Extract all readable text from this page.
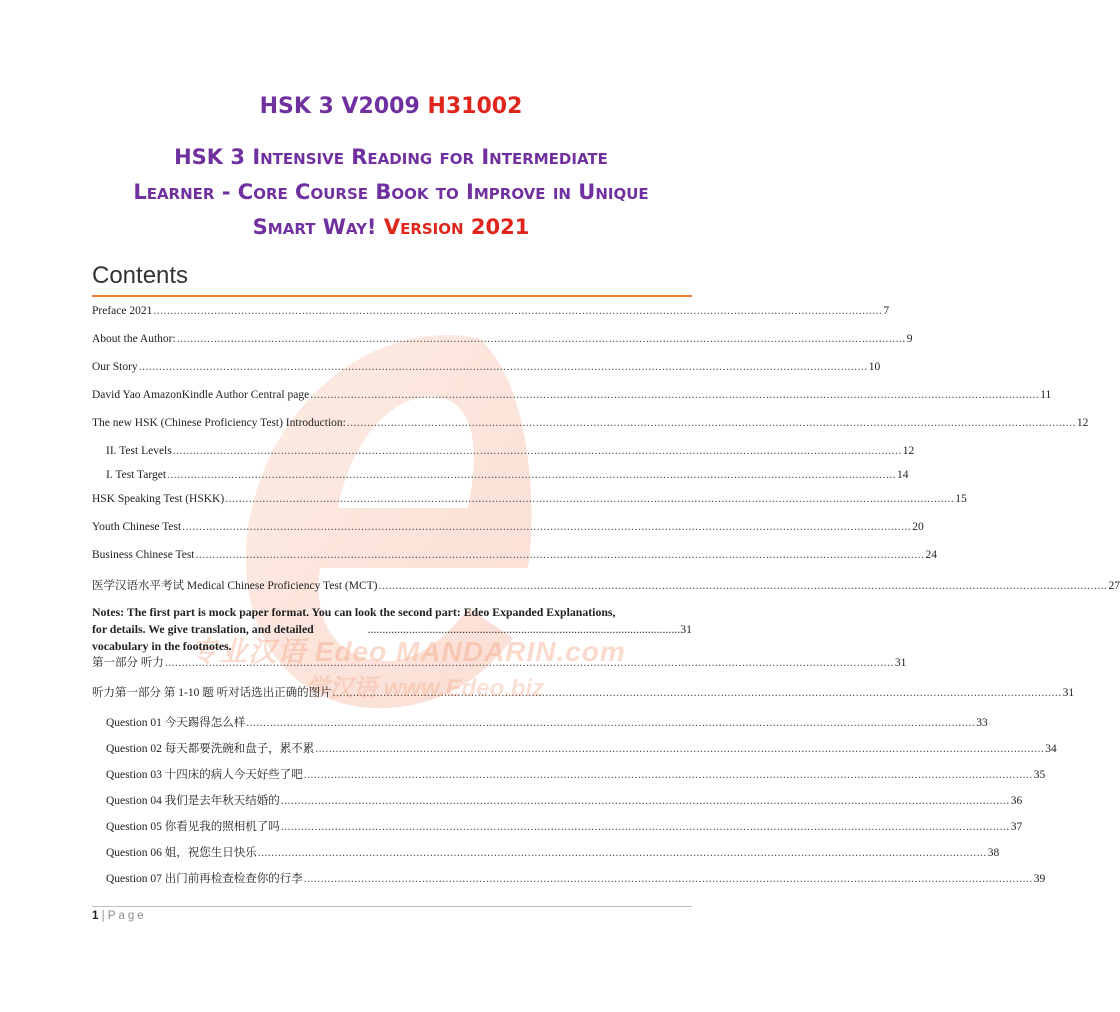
专业汉语 Edeo MANDARIN.com
学汉语 www.Edeo.biz
HSK 3 V2009 H31002
HSK 3 Intensive Reading for Intermediate
Learner - Core Course Book to Improve in Unique
Smart Way! Version 2021
Contents
Preface 2021 .....	7
About the Author: .....	9
Our Story .....	10
David Yao AmazonKindle Author Central page .....	11
The new HSK (Chinese Proficiency Test) Introduction: .....	12
II. Test Levels .....	12
I. Test Target .....	14
HSK Speaking Test (HSKK) .....	15
Youth Chinese Test .....	20
Business Chinese Test .....	24
医学汉语水平考试 Medical Chinese Proficiency Test (MCT) .....	27
Notes: The first part is mock paper format. You can look the second part: Edeo Expanded Explanations,
for details. We give translation, and detailed vocabulary in the footnotes.
.......................................................................................................... 31
第一部分 听力 .....	31
听力第一部分 第 1-10 题 听对话选出正确的图片 .....	31
Question 01 今天踢得怎么样 .....	33
Question 02 每天都要洗碗和盘子，累不累 .....	34
Question 03 十四床的病人今天好些了吧 .....	35
Question 04 我们是去年秋天结婚的 .....	36
Question 05 你看见我的照相机了吗 .....	37
Question 06 姐，祝您生日快乐 .....	38
Question 07 出门前再检查检查你的行李 .....	39
1 | Page
